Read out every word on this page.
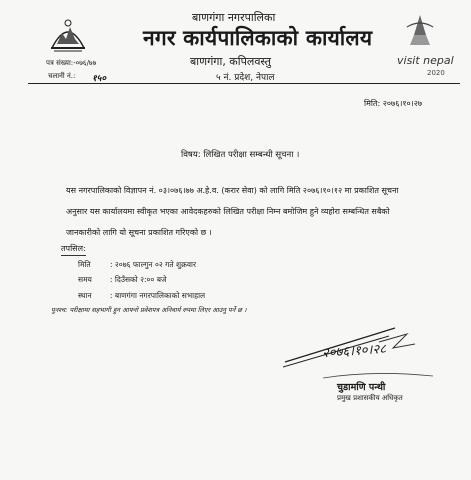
बाणगंगा नगरपालिका
नगर कार्यपालिकाको कार्यालय
बाणगंगा, कपिलवस्तु
५ नं. प्रदेश, नेपाल
पत्र संख्या:-०७६/७७
चलानी नं.: १५०
visit nepal
2020
मिति: २०७६।१०।२७
विषय: लिखित परीक्षा सम्बन्धी सूचना ।
यस नगरपालिकाको विज्ञापन नं. ०३।०७६।७७ अ.हे.व. (करार सेवा) को लागि मिति २०७६।१०।१२ मा प्रकाशित सूचना अनुसार यस कार्यालयमा स्वीकृत भएका आवेदकहरुको लिखित परीक्षा निम्न बमोजिम हुने व्यहोरा सम्बन्धित सबैको जानकारीको लागि यो सूचना प्रकाशित गरिएको छ ।
तपसिल:
मिति	: २०७६ फाल्गुन ०२ गते शुक्रवार
समय : दिउँसको २:०० बजे
स्थान : बाणगंगा नगरपालिकाको सभाहाल
पुनश्च: परीक्षामा सहभागी हुन आफ्नो प्रवेशपत्र अनिवार्य रुपमा लिएर आउनु पर्ने छ ।
२०७६।१०।२८
चुडामणि पन्थी
प्रमुख प्रशासकीय अधिकृत
